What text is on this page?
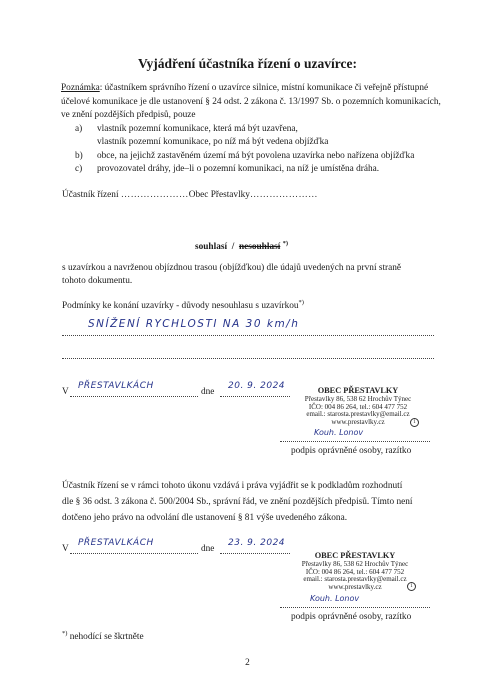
Vyjádření účastníka řízení o uzavírce:
Poznámka: účastníkem správního řízení o uzavírce silnice, místní komunikace či veřejně přístupné
účelové komunikace je dle ustanovení § 24 odst. 2 zákona č. 13/1997 Sb. o pozemních komunikacích,
ve znění pozdějších předpisů, pouze
a) vlastník pozemní komunikace, která má být uzavřena,
vlastník pozemní komunikace, po níž má být vedena objížďka
b) obce, na jejichž zastavěném území má být povolena uzavírka nebo nařízena objížďka
c) provozovatel dráhy, jde–li o pozemní komunikaci, na níž je umístěna dráha.
Účastník řízení …………………Obec Přestavlky…………………
souhlasí / nesouhlasí *)
s uzavírkou a navrženou objízdnou trasou (objížďkou) dle údajů uvedených na první straně
tohoto dokumentu.
Podmínky ke konání uzavírky - důvody nesouhlasu s uzavírkou*)
SNÍŽENÍ RYCHLOSTI NA 30 km/h
V
PŘESTAVLKÁCH
dne
20. 9. 2024	OBEC PŘESTAVLKY
Přestavlky 86, 538 62 Hrochův Týnec
IČO: 004 86 264, tel.: 604 477 752
email.: starosta.prestavlky@email.cz
www.prestavlky.cz	1
Kouh. Lonov
podpis oprávněné osoby, razítko
Účastník řízení se v rámci tohoto úkonu vzdává i práva vyjádřit se k podkladům rozhodnutí
dle § 36 odst. 3 zákona č. 500/2004 Sb., správní řád, ve znění pozdějších předpisů. Tímto není
dotčeno jeho právo na odvolání dle ustanovení § 81 výše uvedeného zákona.
V
PŘESTAVLKÁCH
dne
23. 9. 2024
OBEC PŘESTAVLKY
Přestavlky 86, 538 62 Hrochův Týnec
IČO: 004 86 264, tel.: 604 477 752
email.: starosta.prestavlky@email.cz
www.prestavlky.cz	1
Kouh. Lonov
podpis oprávněné osoby, razítko
*) nehodící se škrtněte
2
